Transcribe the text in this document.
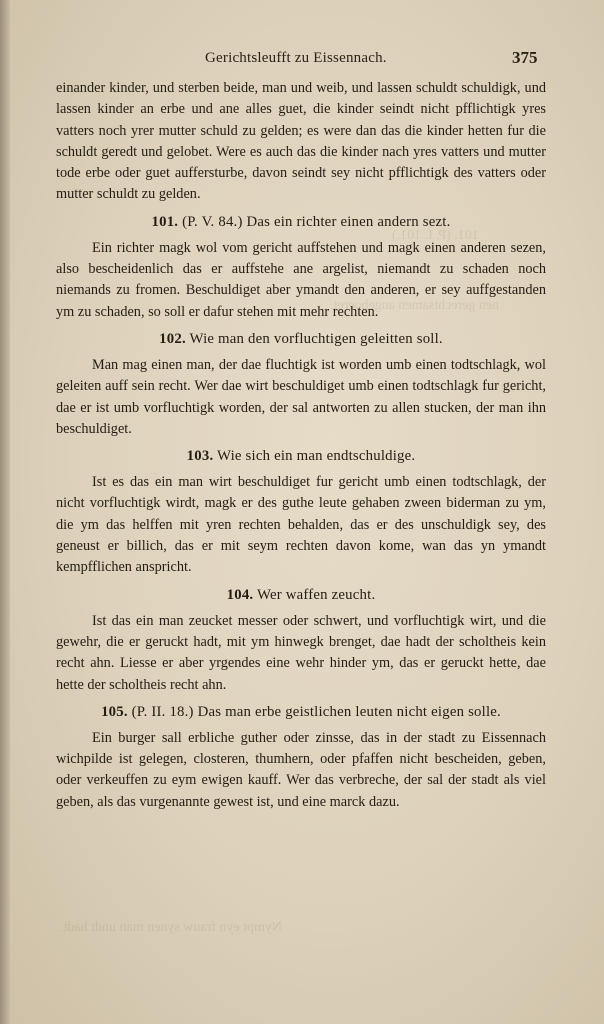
101. (P. I. 101.)
nen gerechtsamen angehoeret.
Nympt eyn frauw synen man undt hadt.
Gerichtsleufft zu Eissennach.	375

einander kinder, und sterben beide, man und weib, und lassen schuldt schuldigk, und lassen kinder an erbe und ane alles guet, die kinder seindt nicht pfflichtigk yres vatters noch yrer mutter schuld zu gelden; es were dan das die kinder hetten fur die schuldt geredt und gelobet. Were es auch das die kinder nach yres vatters und mutter tode erbe oder guet auffersturbe, davon seindt sey nicht pfflichtigk des vatters oder mutter schuldt zu gelden.

101. (P. V. 84.) Das ein richter einen andern sezt.

Ein richter magk wol vom gericht auffstehen und magk einen anderen sezen, also bescheidenlich das er auffstehe ane argelist, niemandt zu schaden noch niemands zu fromen. Beschuldiget aber ymandt den anderen, er sey auffgestanden ym zu schaden, so soll er dafur stehen mit mehr rechten.

102. Wie man den vorfluchtigen geleitten soll.

Man mag einen man, der dae fluchtigk ist worden umb einen todtschlagk, wol geleiten auff sein recht. Wer dae wirt beschuldiget umb einen todtschlagk fur gericht, dae er ist umb vorfluchtigk worden, der sal antworten zu allen stucken, der man ihn beschuldiget.

103. Wie sich ein man endtschuldige.

Ist es das ein man wirt beschuldiget fur gericht umb einen todtschlagk, der nicht vorfluchtigk wirdt, magk er des guthe leute gehaben zween biderman zu ym, die ym das helffen mit yren rechten behalden, das er des unschuldigk sey, des geneust er billich, das er mit seym rechten davon kome, wan das yn ymandt kempfflichen anspricht.

104. Wer waffen zeucht.

Ist das ein man zeucket messer oder schwert, und vorfluchtigk wirt, und die gewehr, die er geruckt hadt, mit ym hinwegk brenget, dae hadt der scholtheis kein recht ahn. Liesse er aber yrgendes eine wehr hinder ym, das er geruckt hette, dae hette der scholtheis recht ahn.

105. (P. II. 18.) Das man erbe geistlichen leuten nicht eigen solle.

Ein burger sall erbliche guther oder zinsse, das in der stadt zu Eissennach wichpilde ist gelegen, closteren, thumhern, oder pfaffen nicht bescheiden, geben, oder verkeuffen zu eym ewigen kauff. Wer das verbreche, der sal der stadt als viel geben, als das vurgenannte gewest ist, und eine marck dazu.
